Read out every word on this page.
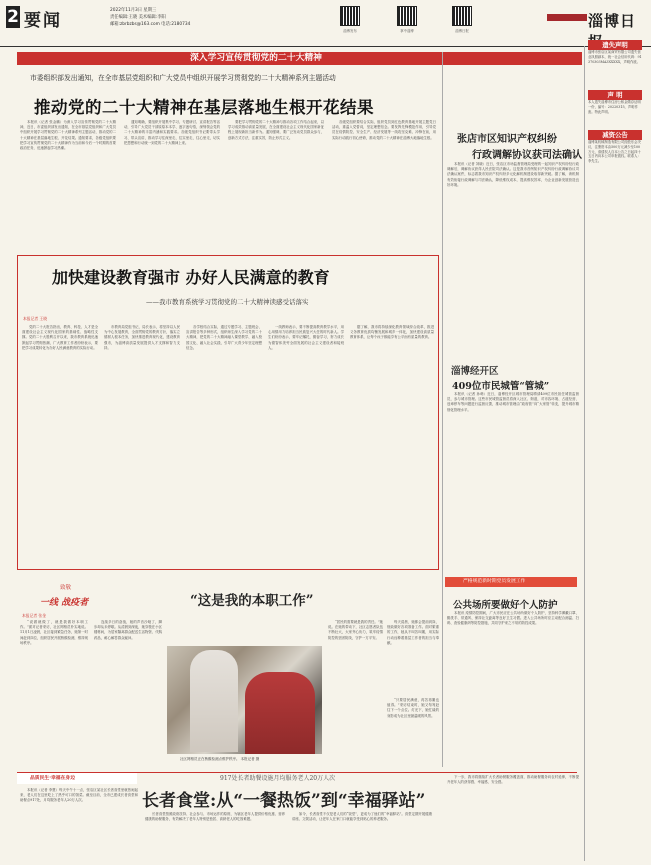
2 要闻
2022年11月3日 星期三
责任编辑:王晓 美术编辑:李阳
邮箱:zbrbzbs@163.com 电话:2180734
淄博发布	掌中淄博	淄博日报
淄博日
深入学习宣传贯彻党的二十大精神
市委组织部发出通知，在全市基层党组织和广大党员中组织开展学习贯彻党的二十大精神系列主题活动
推动党的二十大精神在基层落地生根开花结果

本报讯（记者 张金鹏）为深入学习宣传贯彻党的二十大精神，近日，市委组织部发出通知，在全市基层党组织和广大党员中组织开展学习贯彻党的二十大精神系列主题活动，推动党的二十大精神在基层落地生根、开花结果。通知要求，各级党组织要把学习宣传贯彻党的二十大精神作为当前和今后一个时期的首要政治任务，迅速掀起学习热潮。

通知明确，要组织开展集中学习、专题研讨、宣讲报告等活动，引导广大党员干部原原本本学、逐字逐句悟，深刻领会党的二十大精神的丰富内涵和实践要求。各级党组织书记要带头学习、带头宣讲，推动学习往深里走、往实里走、往心里走，切实把思想和行动统一到党的二十大精神上来。

要把学习贯彻党的二十大精神与推动各项工作结合起来，以学习成效推动高质量发展，在全面建设社会主义现代化国家新征程上展现新担当新作为。通知强调，要广泛发动党员群众参与，创新方式方法，注重实效，防止形式主义。

各级党组织要结合实际，组织党员到红色教育基地开展主题党日活动，重温入党誓词，坚定理想信念。要发挥先锋模范作用，引导党员在疫情防控、安全生产、经济发展等一线攻坚克难、冲锋在前，用实际行动践行初心使命，推动党的二十大精神在淄博大地落地生根。

加快建设教育强市 办好人民满意的教育
——我市教育系统学习贯彻党的二十大精神读感受话落实
本报记者 王晓

党的二十大报告指出，教育、科技、人才是全面建设社会主义现代化国家的基础性、战略性支撑。党的二十大胜利召开以来，我市教育系统迅速掀起学习贯彻热潮，广大教育工作者纷纷表示，要把学习成果转化为办好人民满意教育的实际行动。

市教育局党组书记、局长表示，将坚持以人民为中心发展教育，全面贯彻党的教育方针，落实立德树人根本任务，加快推进教育现代化，建设教育强市，为淄博高质量发展提供人才支撑和智力支持。

各学校结合实际，通过专题学习、主题班会、宣讲报告等多种形式，组织师生深入学习党的二十大精神，把党的二十大精神融入课堂教学、融入校园文化、融入社会实践，引导广大青少年坚定理想信念。

一线教师表示，要不断提高教育教学水平，用心用情用力培养担当民族复兴大任的时代新人。学生们纷纷表示，要牢记嘱托，勤奋学习，努力成长为德智体美劳全面发展的社会主义建设者和接班人。

据了解，我市将持续深化教育领域综合改革，推进义务教育优质均衡发展和城乡一体化，加快建设高质量教育体系，让每个孩子都能享有公平而有质量的教育。

张店市区知识产权纠纷
行政调解协议获司法确认

本报讯（记者 刘晓）近日，张店区市场监督管理局受理的一起知识产权纠纷经行政调解后，调解协议获得人民法院司法确认。这是我市首例知识产权纠纷行政调解协议司法确认案件，标志着我市知识产权纠纷多元化解机制建设取得新突破。据了解，该机制有效衔接行政调解与司法确认，降低维权成本，提高维权效率，为企业创新发展营造良好环境。

淄博经开区
409位市民城管“管城”

本报讯（记者 孙萌）近日，淄博经开区城市管理局聘请409位市民担任城管监督员，参与城市管理。这些市民城管监督员将深入社区、街道，对市容环境、占道经营、违章停车等问题进行监督反馈，推动城市管理由“政府管”向“大家管”转变，提升城市精细化管理水平。

严格规范新时期党员发展工作
公共场所要做好个人防护

本报讯 疫情防控期间，广大市民应在公共场所做好个人防护，坚持科学佩戴口罩、勤洗手、常通风、保持社交距离等良好卫生习惯。进入公共场所时应主动配合测温、扫码、查验健康码等防控措施，共同守护来之不易的防控成果。

遗失声明
淄博市张店区某商贸有限公司遗失营业执照副本，统一社会信用代码：91370303MA3XXXXX，声明作废。
声 明
本人遗失淄博市住房公积金缴存证明一份，编号：20220315，声明作废。特此声明。
减资公告
淄博某机械制造有限公司经股东会决议，注册资本由500万元减少至100万元，请债权人自本公告之日起四十五日内向本公司申报债权。联系人：李先生。
致敬
一线 战疫者	“这是我的本职工作”
本报记者 张金

“说做就做了，就是我做好本职工作。”面对记者采访，社区网格员朴实地说。11月1日凌晨，社区接到紧急任务，她第一时间赶到岗位，组织居民开展核酸检测，维持现场秩序。

连续多日的奋战，她的声音沙哑了，脚步却从未停歇。从清晨到深夜，她穿梭在小区楼栋间，为居家隔离群众配送生活物资、代购药品，耐心解答群众疑问。

社区网格员正在核酸检测点维护秩序。 本报记者 摄

“居民的需要就是我的责任。”她说。在她的带动下，社区志愿者队伍不断壮大，大家齐心协力，筑牢疫情防控的坚固防线，守护一方平安。

每天清晨，她都会提前到岗，细致做好各项准备工作。面对繁重的工作，她从不叫苦叫累，用实际行动诠释着基层工作者的担当与奉献。

“只要居民满意，再苦再累也值得。”采访结束时，她又匆匆赶往下一个点位。灯光下，她忙碌的身影成为社区里最温暖的风景。

品质民生·幸福在身边	917处长者助餐设施月均服务老人20万人次
长者食堂:从“一餐热饭”到“幸福驿站”

本报讯（记者 李慧）每天中午十一点，张店区某社区长者食堂里就热闹起来，老人们在这里吃上了热乎可口的饭菜。截至目前，全市已建成长者食堂和助餐点917处，月均服务老年人20万人次。

长者食堂按照政府扶持、社会参与、市场运作的原则，为辖区老年人提供价格优惠、营养健康的助餐服务，有效解决了老年人特别是独居、高龄老人的吃饭难题。

如今，长者食堂不仅是老人们的“饭堂”，更成为了他们的“幸福驿站”。食堂定期开展健康讲座、文娱活动，让老年人在家门口就能享受到贴心的养老服务。

下一步，我市将继续扩大长者助餐服务覆盖面，推动助餐服务向农村延伸，不断提升老年人的获得感、幸福感、安全感。
